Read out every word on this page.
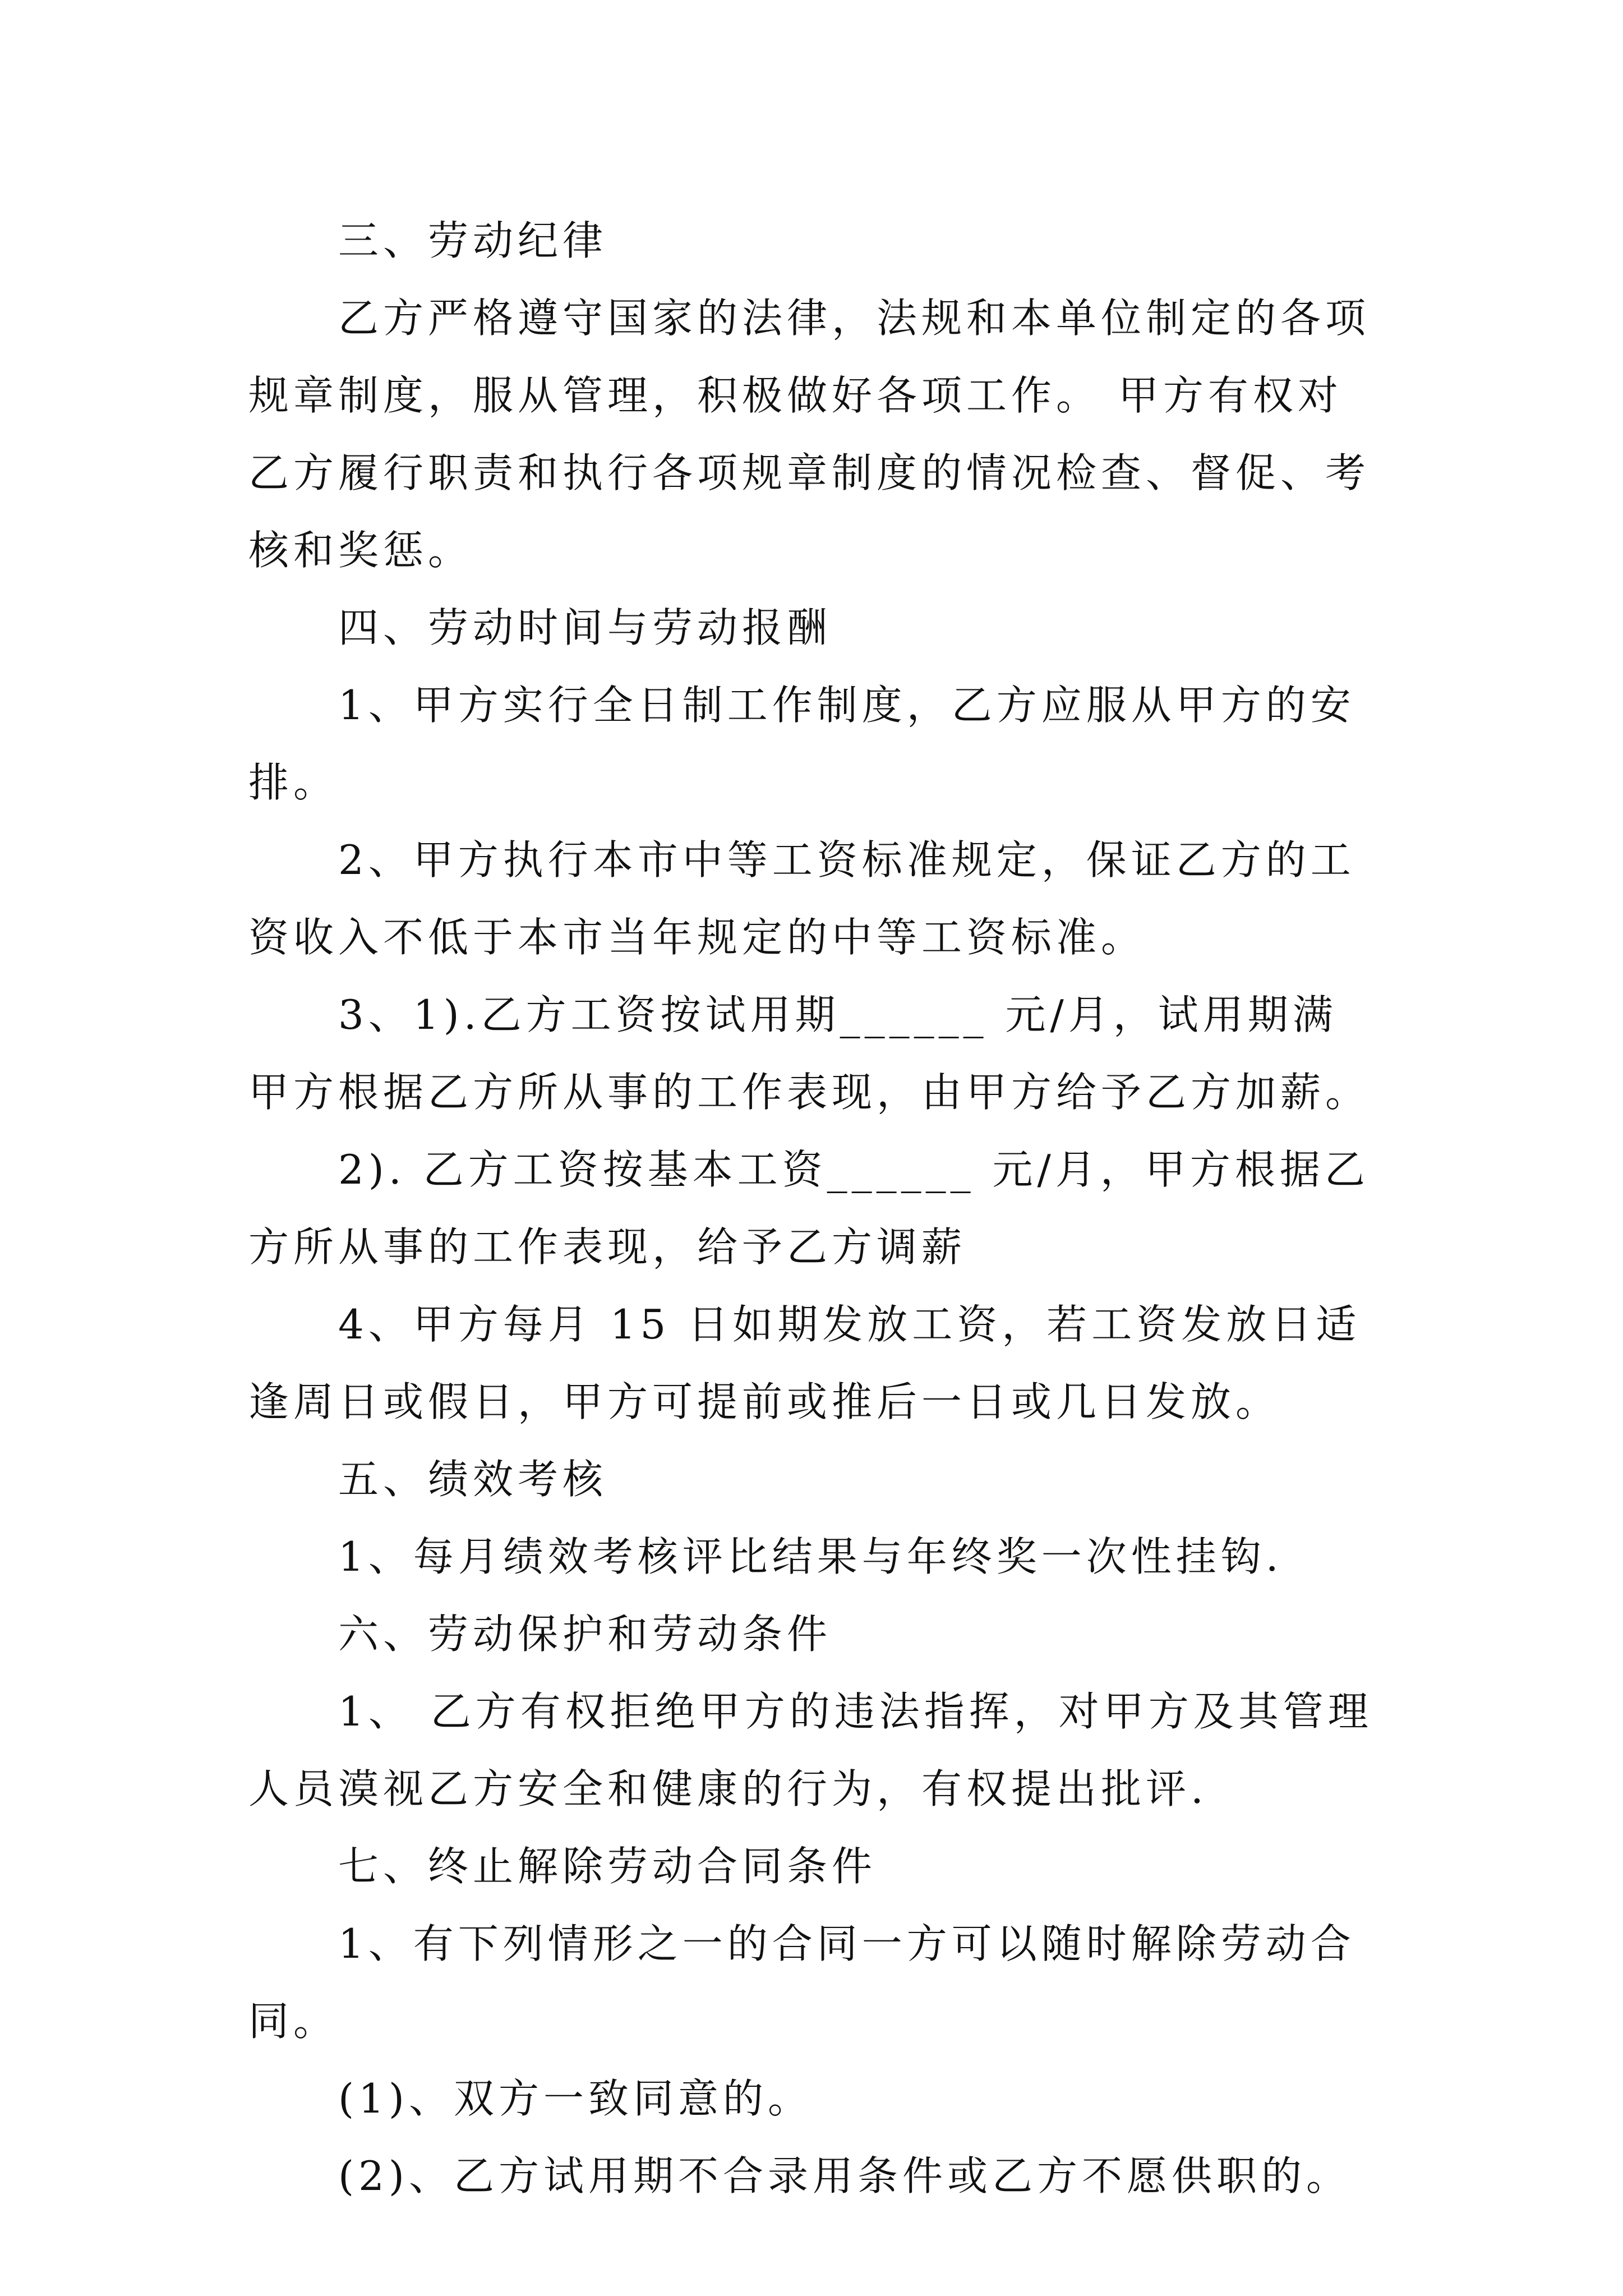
三、劳动纪律

乙方严格遵守国家的法律，法规和本单位制定的各项规章制度，服从管理，积极做好各项工作。 甲方有权对乙方履行职责和执行各项规章制度的情况检查、督促、考核和奖惩。

四、劳动时间与劳动报酬

1、甲方实行全日制工作制度，乙方应服从甲方的安排。

2、甲方执行本市中等工资标准规定，保证乙方的工资收入不低于本市当年规定的中等工资标准。

3、1).乙方工资按试用期______ 元/月，试用期满甲方根据乙方所从事的工作表现，由甲方给予乙方加薪。

2). 乙方工资按基本工资______ 元/月，甲方根据乙方所从事的工作表现，给予乙方调薪

4、甲方每月 15 日如期发放工资，若工资发放日适逢周日或假日，甲方可提前或推后一日或几日发放。

五、绩效考核

1、每月绩效考核评比结果与年终奖一次性挂钩.

六、劳动保护和劳动条件

1、 乙方有权拒绝甲方的违法指挥，对甲方及其管理人员漠视乙方安全和健康的行为，有权提出批评.

七、终止解除劳动合同条件

1、有下列情形之一的合同一方可以随时解除劳动合同。

(1)、双方一致同意的。

(2)、乙方试用期不合录用条件或乙方不愿供职的。
